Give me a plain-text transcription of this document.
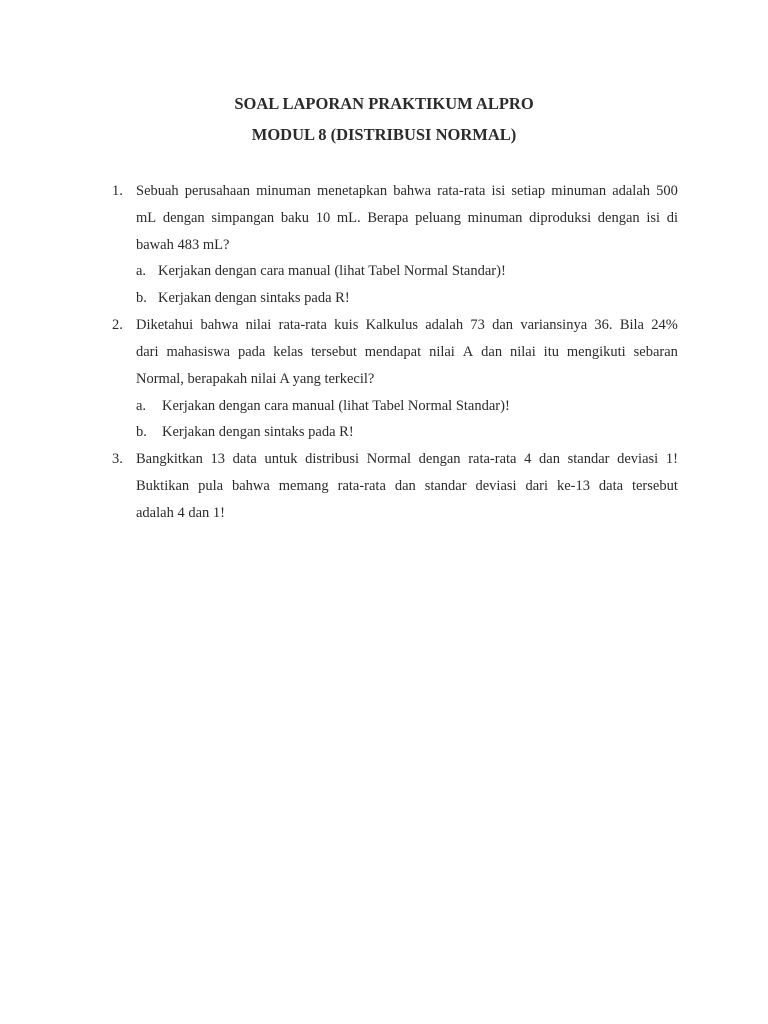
SOAL LAPORAN PRAKTIKUM ALPRO
MODUL 8 (DISTRIBUSI NORMAL)
1. Sebuah perusahaan minuman menetapkan bahwa rata-rata isi setiap minuman adalah 500
mL dengan simpangan baku 10 mL. Berapa peluang minuman diproduksi dengan isi di
bawah 483 mL?
a. Kerjakan dengan cara manual (lihat Tabel Normal Standar)!
b. Kerjakan dengan sintaks pada R!
2. Diketahui bahwa nilai rata-rata kuis Kalkulus adalah 73 dan variansinya 36. Bila 24%
dari mahasiswa pada kelas tersebut mendapat nilai A dan nilai itu mengikuti sebaran
Normal, berapakah nilai A yang terkecil?
a. Kerjakan dengan cara manual (lihat Tabel Normal Standar)!
b. Kerjakan dengan sintaks pada R!
3. Bangkitkan 13 data untuk distribusi Normal dengan rata-rata 4 dan standar deviasi 1!
Buktikan pula bahwa memang rata-rata dan standar deviasi dari ke-13 data tersebut
adalah 4 dan 1!
